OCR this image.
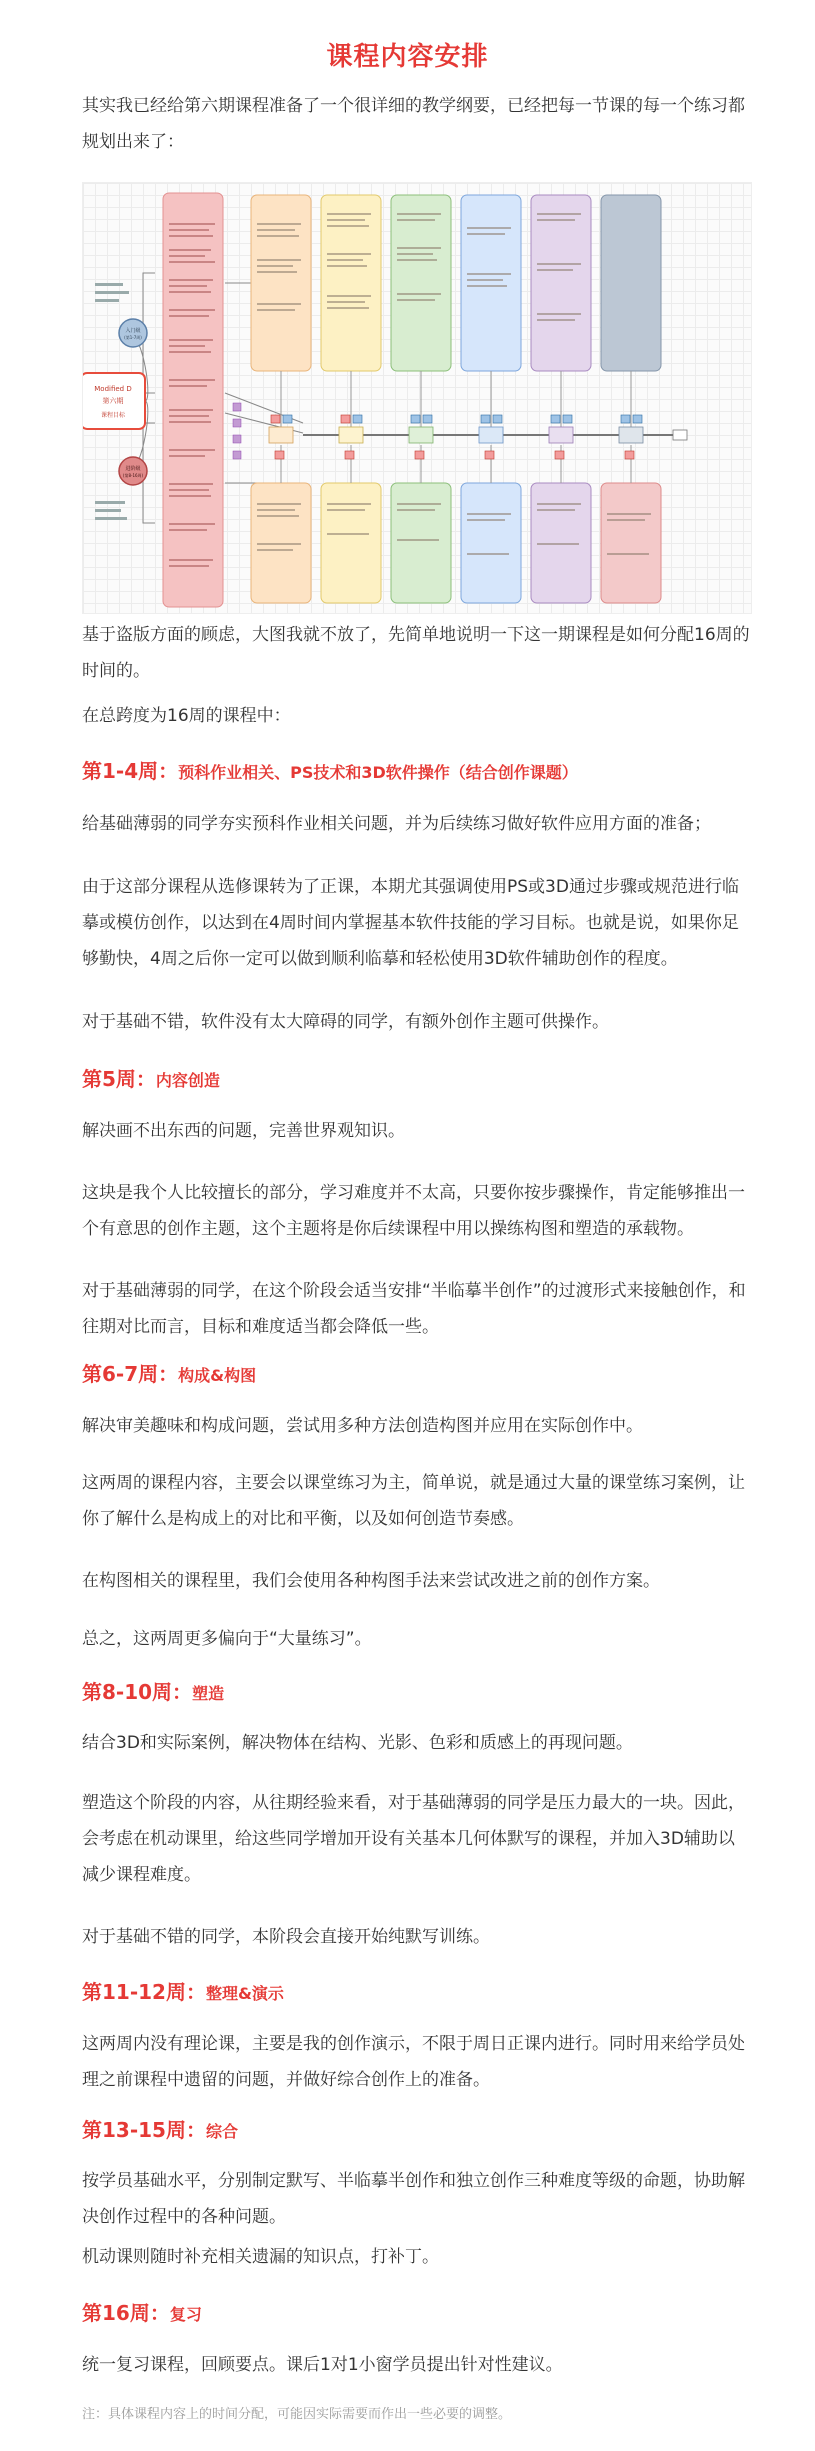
课程内容安排

其实我已经给第六期课程准备了一个很详细的教学纲要，已经把每一节课的每一个练习都规划出来了：

Modified D
第六期
课程目标
入门级
(第1-7周)
进阶级
(第8-16周)

基于盗版方面的顾虑，大图我就不放了，先简单地说明一下这一期课程是如何分配16周的时间的。

在总跨度为16周的课程中：

第1-4周：预科作业相关、PS技术和3D软件操作（结合创作课题）

给基础薄弱的同学夯实预科作业相关问题，并为后续练习做好软件应用方面的准备；

由于这部分课程从选修课转为了正课，本期尤其强调使用PS或3D通过步骤或规范进行临摹或模仿创作，以达到在4周时间内掌握基本软件技能的学习目标。也就是说，如果你足够勤快，4周之后你一定可以做到顺利临摹和轻松使用3D软件辅助创作的程度。

对于基础不错，软件没有太大障碍的同学，有额外创作主题可供操作。

第5周：内容创造

解决画不出东西的问题，完善世界观知识。

这块是我个人比较擅长的部分，学习难度并不太高，只要你按步骤操作，肯定能够推出一个有意思的创作主题，这个主题将是你后续课程中用以操练构图和塑造的承载物。

对于基础薄弱的同学，在这个阶段会适当安排“半临摹半创作”的过渡形式来接触创作，和往期对比而言，目标和难度适当都会降低一些。

第6-7周：构成&构图

解决审美趣味和构成问题，尝试用多种方法创造构图并应用在实际创作中。

这两周的课程内容，主要会以课堂练习为主，简单说，就是通过大量的课堂练习案例，让你了解什么是构成上的对比和平衡，以及如何创造节奏感。

在构图相关的课程里，我们会使用各种构图手法来尝试改进之前的创作方案。

总之，这两周更多偏向于“大量练习”。

第8-10周：塑造

结合3D和实际案例，解决物体在结构、光影、色彩和质感上的再现问题。

塑造这个阶段的内容，从往期经验来看，对于基础薄弱的同学是压力最大的一块。因此，会考虑在机动课里，给这些同学增加开设有关基本几何体默写的课程，并加入3D辅助以减少课程难度。

对于基础不错的同学，本阶段会直接开始纯默写训练。

第11-12周：整理&演示

这两周内没有理论课，主要是我的创作演示，不限于周日正课内进行。同时用来给学员处理之前课程中遗留的问题，并做好综合创作上的准备。

第13-15周：综合

按学员基础水平，分别制定默写、半临摹半创作和独立创作三种难度等级的命题，协助解决创作过程中的各种问题。

机动课则随时补充相关遗漏的知识点，打补丁。

第16周：复习

统一复习课程，回顾要点。课后1对1小窗学员提出针对性建议。

注：具体课程内容上的时间分配，可能因实际需要而作出一些必要的调整。
